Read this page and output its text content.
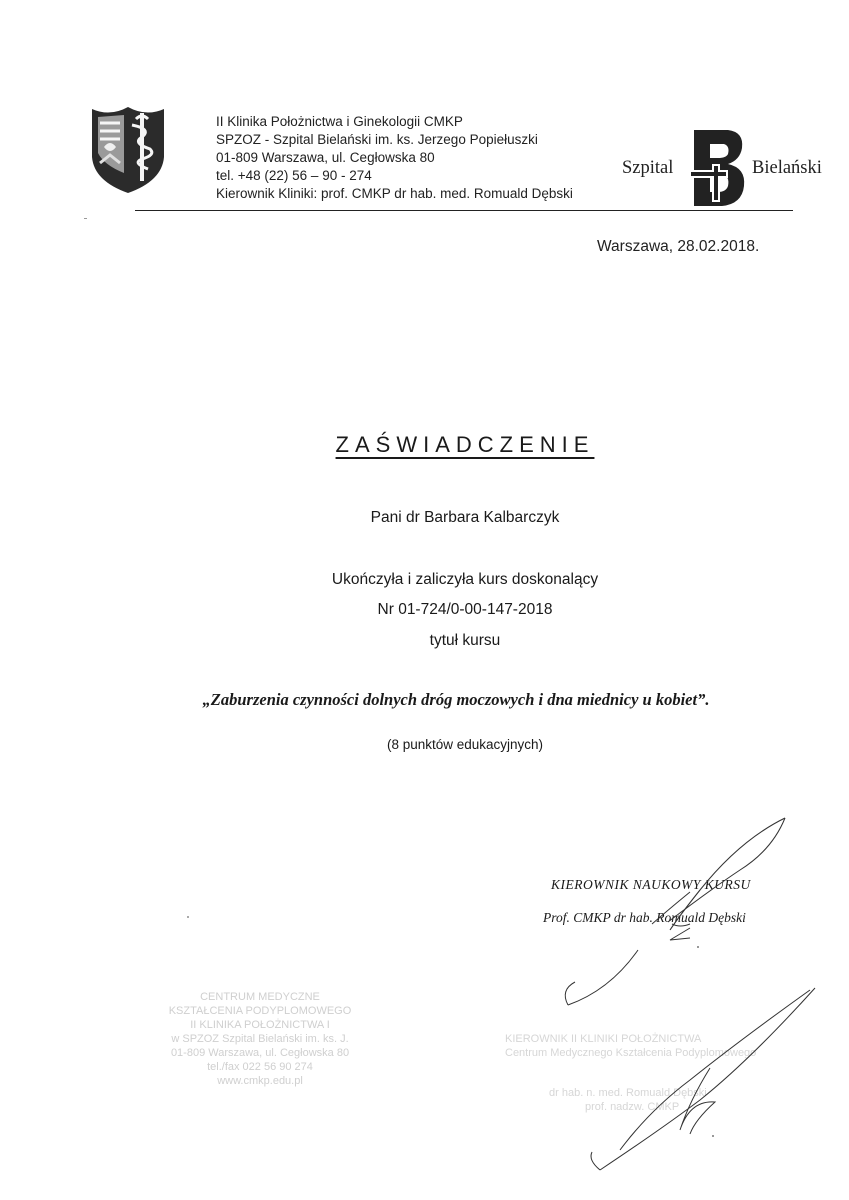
II Klinika Położnictwa i Ginekologii CMKP
SPZOZ - Szpital Bielański im. ks. Jerzego Popiełuszki
01-809 Warszawa, ul. Cegłowska 80
tel. +48 (22) 56 – 90 - 274
Kierownik Kliniki: prof. CMKP dr hab. med. Romuald Dębski
Szpital	Bielański
Warszawa, 28.02.2018.
ZAŚWIADCZENIE
Pani dr Barbara Kalbarczyk
Ukończyła i zaliczyła kurs doskonalący
Nr 01-724/0-00-147-2018
tytuł kursu
„Zaburzenia czynności dolnych dróg moczowych i dna miednicy u kobiet”.
(8 punktów edukacyjnych)
CENTRUM MEDYCZNE
KSZTAŁCENIA PODYPLOMOWEGO
II KLINIKA POŁOŻNICTWA I
w SPZOZ Szpital Bielański im. ks. J.
01-809 Warszawa, ul. Cegłowska 80
tel./fax 022 56 90 274
www.cmkp.edu.pl
KIEROWNIK II KLINIKI POŁOŻNICTWA
Centrum Medycznego Kształcenia Podyplomowego
dr hab. n. med. Romuald Dębski
prof. nadzw. CMKP
KIEROWNIK NAUKOWY KURSU
Prof. CMKP dr hab. Romuald Dębski
